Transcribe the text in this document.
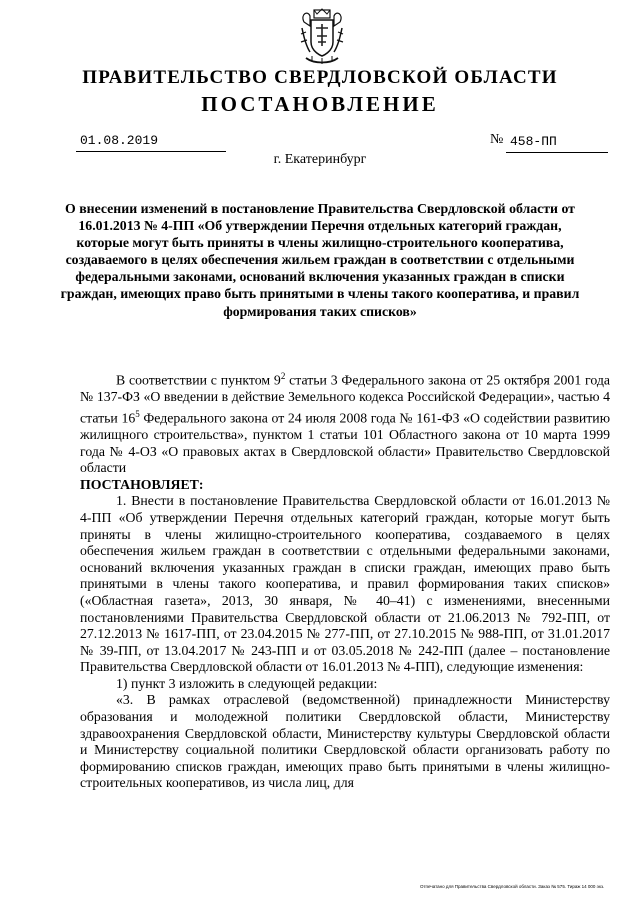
ПРАВИТЕЛЬСТВО СВЕРДЛОВСКОЙ ОБЛАСТИ
ПОСТАНОВЛЕНИЕ
01.08.2019	№ 458-ПП
г. Екатеринбург
О внесении изменений в постановление Правительства Свердловской области от 16.01.2013 № 4-ПП «Об утверждении Перечня отдельных категорий граждан, которые могут быть приняты в члены жилищно-строительного кооператива, создаваемого в целях обеспечения жильем граждан в соответствии с отдельными федеральными законами, оснований включения указанных граждан в списки граждан, имеющих право быть принятыми в члены такого кооператива, и правил формирования таких списков»

В соответствии с пунктом $9^2$ статьи 3 Федерального закона от 25 октября 2001 года № 137-ФЗ «О введении в действие Земельного кодекса Российской Федерации», частью 4 статьи $16^5$ Федерального закона от 24 июля 2008 года № 161-ФЗ «О содействии развитию жилищного строительства», пунктом 1 статьи 101 Областного закона от 10 марта 1999 года № 4-ОЗ «О правовых актах в Свердловской области» Правительство Свердловской области

ПОСТАНОВЛЯЕТ:

1. Внести в постановление Правительства Свердловской области от 16.01.2013 № 4-ПП «Об утверждении Перечня отдельных категорий граждан, которые могут быть приняты в члены жилищно-строительного кооператива, создаваемого в целях обеспечения жильем граждан в соответствии с отдельными федеральными законами, оснований включения указанных граждан в списки граждан, имеющих право быть принятыми в члены такого кооператива, и правил формирования таких списков» («Областная газета», 2013, 30 января, № 40–41) с изменениями, внесенными постановлениями Правительства Свердловской области от 21.06.2013 № 792-ПП, от 27.12.2013 № 1617-ПП, от 23.04.2015 № 277-ПП, от 27.10.2015 № 988-ПП, от 31.01.2017 № 39-ПП, от 13.04.2017 № 243-ПП и от 03.05.2018 № 242-ПП (далее – постановление Правительства Свердловской области от 16.01.2013 № 4-ПП), следующие изменения:

1) пункт 3 изложить в следующей редакции:

«3. В рамках отраслевой (ведомственной) принадлежности Министерству образования и молодежной политики Свердловской области, Министерству здравоохранения Свердловской области, Министерству культуры Свердловской области и Министерству социальной политики Свердловской области организовать работу по формированию списков граждан, имеющих право быть принятыми в члены жилищно-строительных кооперативов, из числа лиц, для

Отпечатано для Правительства Свердловской области. Заказ № 575. Тираж 14 000 экз.
